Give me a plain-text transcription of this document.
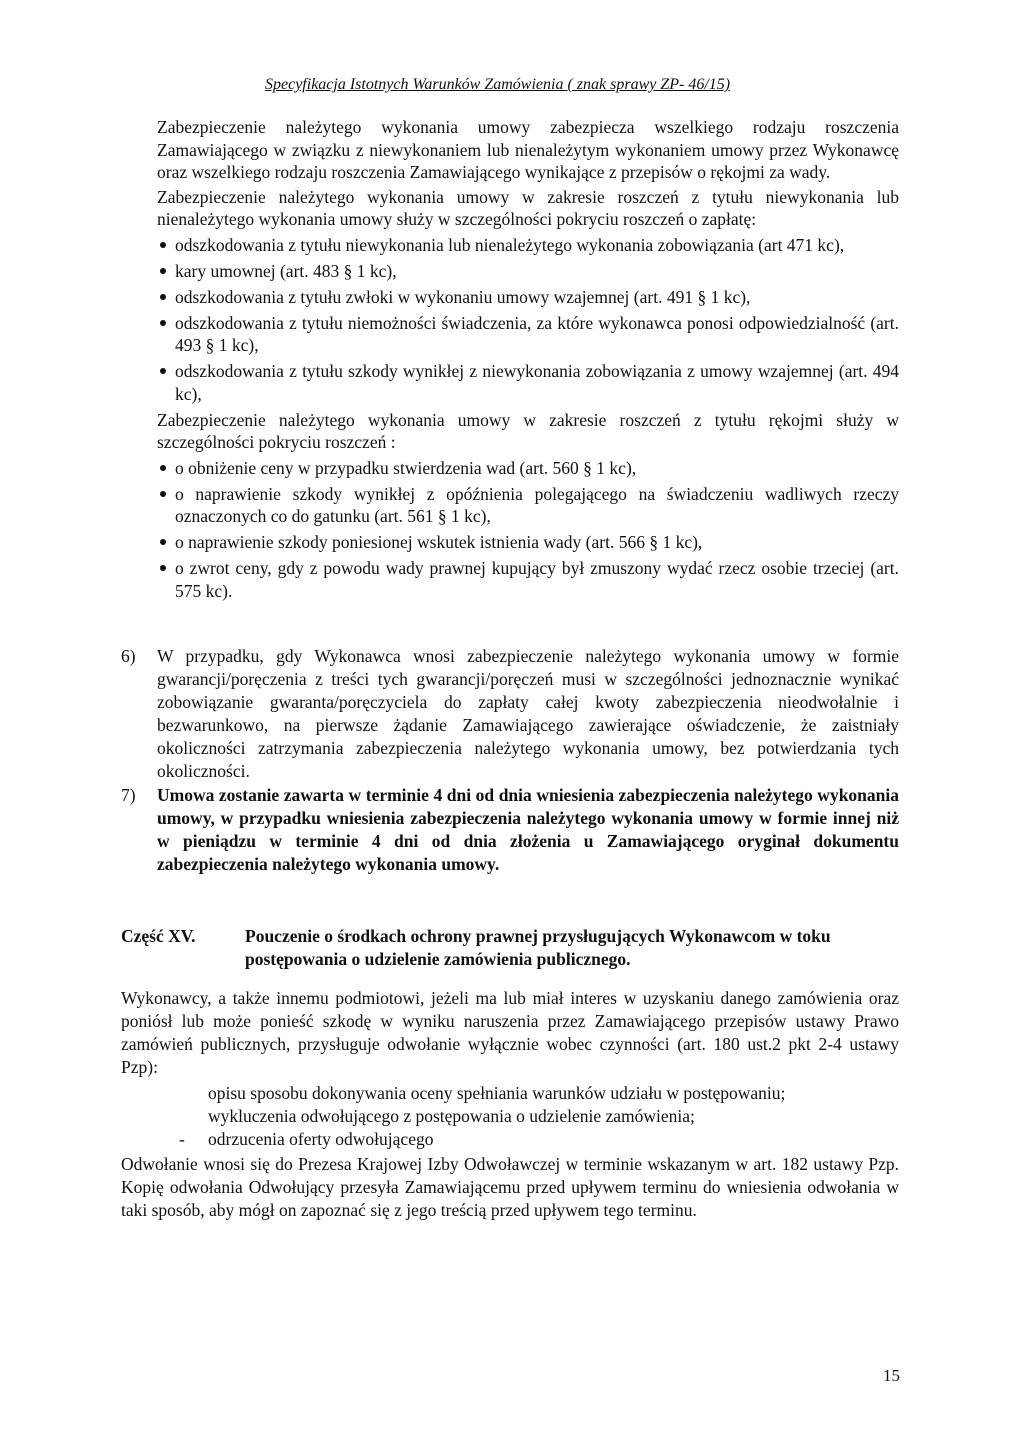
Specyfikacja Istotnych Warunków Zamówienia ( znak sprawy ZP- 46/15)

Zabezpieczenie należytego wykonania umowy zabezpiecza wszelkiego rodzaju roszczenia Zamawiającego w związku z niewykonaniem lub nienależytym wykonaniem umowy przez Wykonawcę oraz wszelkiego rodzaju roszczenia Zamawiającego wynikające z przepisów o rękojmi za wady.

Zabezpieczenie należytego wykonania umowy w zakresie roszczeń z tytułu niewykonania lub nienależytego wykonania umowy służy w szczególności pokryciu roszczeń o zapłatę:

odszkodowania z tytułu niewykonania lub nienależytego wykonania zobowiązania (art 471 kc),
kary umownej (art. 483 § 1 kc),
odszkodowania z tytułu zwłoki w wykonaniu umowy wzajemnej (art. 491 § 1 kc),
odszkodowania z tytułu niemożności świadczenia, za które wykonawca ponosi odpowiedzialność (art. 493 § 1 kc),
odszkodowania z tytułu szkody wynikłej z niewykonania zobowiązania z umowy wzajemnej (art. 494 kc),

Zabezpieczenie należytego wykonania umowy w zakresie roszczeń z tytułu rękojmi służy w szczególności pokryciu roszczeń :

o obniżenie ceny w przypadku stwierdzenia wad (art. 560 § 1 kc),
o naprawienie szkody wynikłej z opóźnienia polegającego na świadczeniu wadliwych rzeczy oznaczonych co do gatunku (art. 561 § 1 kc),
o naprawienie szkody poniesionej wskutek istnienia wady (art. 566 § 1 kc),
o zwrot ceny, gdy z powodu wady prawnej kupujący był zmuszony wydać rzecz osobie trzeciej (art. 575 kc).
6)	W przypadku, gdy Wykonawca wnosi zabezpieczenie należytego wykonania umowy w formie gwarancji/poręczenia z treści tych gwarancji/poręczeń musi w szczególności jednoznacznie wynikać zobowiązanie gwaranta/poręczyciela do zapłaty całej kwoty zabezpieczenia nieodwołalnie i bezwarunkowo, na pierwsze żądanie Zamawiającego zawierające oświadczenie, że zaistniały okoliczności zatrzymania zabezpieczenia należytego wykonania umowy, bez potwierdzania tych okoliczności.
7)	Umowa zostanie zawarta w terminie 4 dni od dnia wniesienia zabezpieczenia należytego wykonania umowy, w przypadku wniesienia zabezpieczenia należytego wykonania umowy w formie innej niż w pieniądzu w terminie 4 dni od dnia złożenia u Zamawiającego oryginał dokumentu zabezpieczenia należytego wykonania umowy.
Część XV.	Pouczenie o środkach ochrony prawnej przysługujących Wykonawcom w toku postępowania o udzielenie zamówienia publicznego.

Wykonawcy, a także innemu podmiotowi, jeżeli ma lub miał interes w uzyskaniu danego zamówienia oraz poniósł lub może ponieść szkodę w wyniku naruszenia przez Zamawiającego przepisów ustawy Prawo zamówień publicznych, przysługuje odwołanie wyłącznie wobec czynności (art. 180 ust.2 pkt 2-4 ustawy Pzp):

opisu sposobu dokonywania oceny spełniania warunków udziału w postępowaniu;
wykluczenia odwołującego z postępowania o udzielenie zamówienia;
- odrzucenia oferty odwołującego

Odwołanie wnosi się do Prezesa Krajowej Izby Odwoławczej w terminie wskazanym w art. 182 ustawy Pzp. Kopię odwołania Odwołujący przesyła Zamawiającemu przed upływem terminu do wniesienia odwołania w taki sposób, aby mógł on zapoznać się z jego treścią przed upływem tego terminu.

15
